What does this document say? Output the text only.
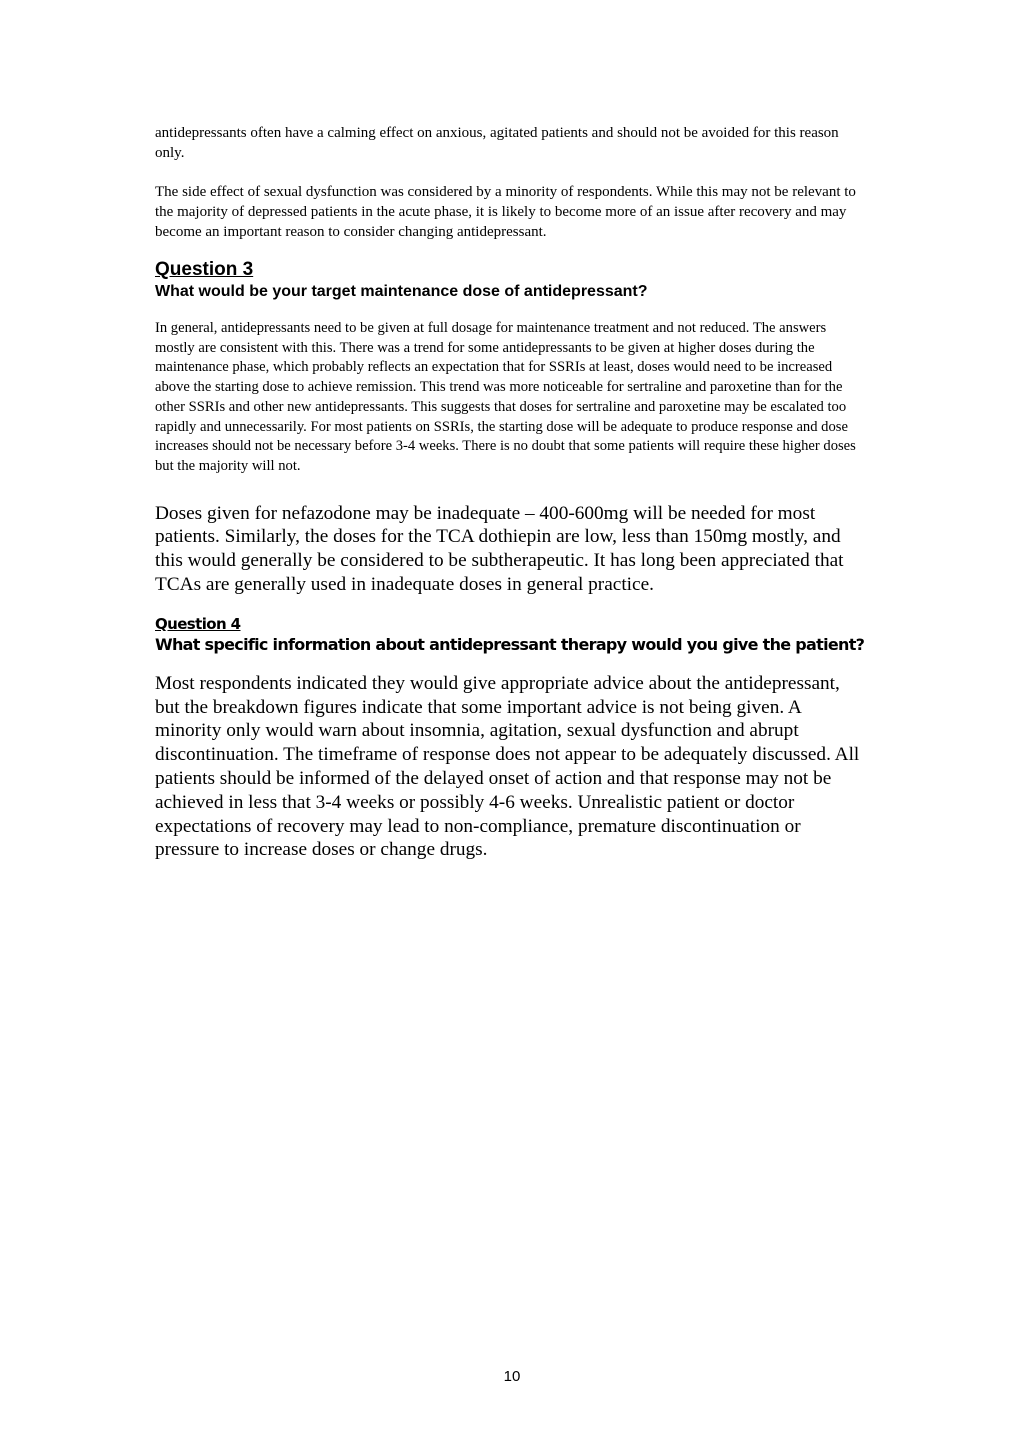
antidepressants often have a calming effect on anxious, agitated patients and should not be avoided for this reason only.

The side effect of sexual dysfunction was considered by a minority of respondents. While this may not be relevant to the majority of depressed patients in the acute phase, it is likely to become more of an issue after recovery and may become an important reason to consider changing antidepressant.

Question 3
What would be your target maintenance dose of antidepressant?

In general, antidepressants need to be given at full dosage for maintenance treatment and not reduced. The answers mostly are consistent with this. There was a trend for some antidepressants to be given at higher doses during the maintenance phase, which probably reflects an expectation that for SSRIs at least, doses would need to be increased above the starting dose to achieve remission. This trend was more noticeable for sertraline and paroxetine than for the other SSRIs and other new antidepressants. This suggests that doses for sertraline and paroxetine may be escalated too rapidly and unnecessarily. For most patients on SSRIs, the starting dose will be adequate to produce response and dose increases should not be necessary before 3-4 weeks. There is no doubt that some patients will require these higher doses but the majority will not.

Doses given for nefazodone may be inadequate – 400-600mg will be needed for most patients. Similarly, the doses for the TCA dothiepin are low, less than 150mg mostly, and this would generally be considered to be subtherapeutic. It has long been appreciated that TCAs are generally used in inadequate doses in general practice.

Question 4
What specific information about antidepressant therapy would you give the patient?

Most respondents indicated they would give appropriate advice about the antidepressant, but the breakdown figures indicate that some important advice is not being given. A minority only would warn about insomnia, agitation, sexual dysfunction and abrupt discontinuation. The timeframe of response does not appear to be adequately discussed. All patients should be informed of the delayed onset of action and that response may not be achieved in less that 3-4 weeks or possibly 4-6 weeks. Unrealistic patient or doctor expectations of recovery may lead to non-compliance, premature discontinuation or pressure to increase doses or change drugs.

10
